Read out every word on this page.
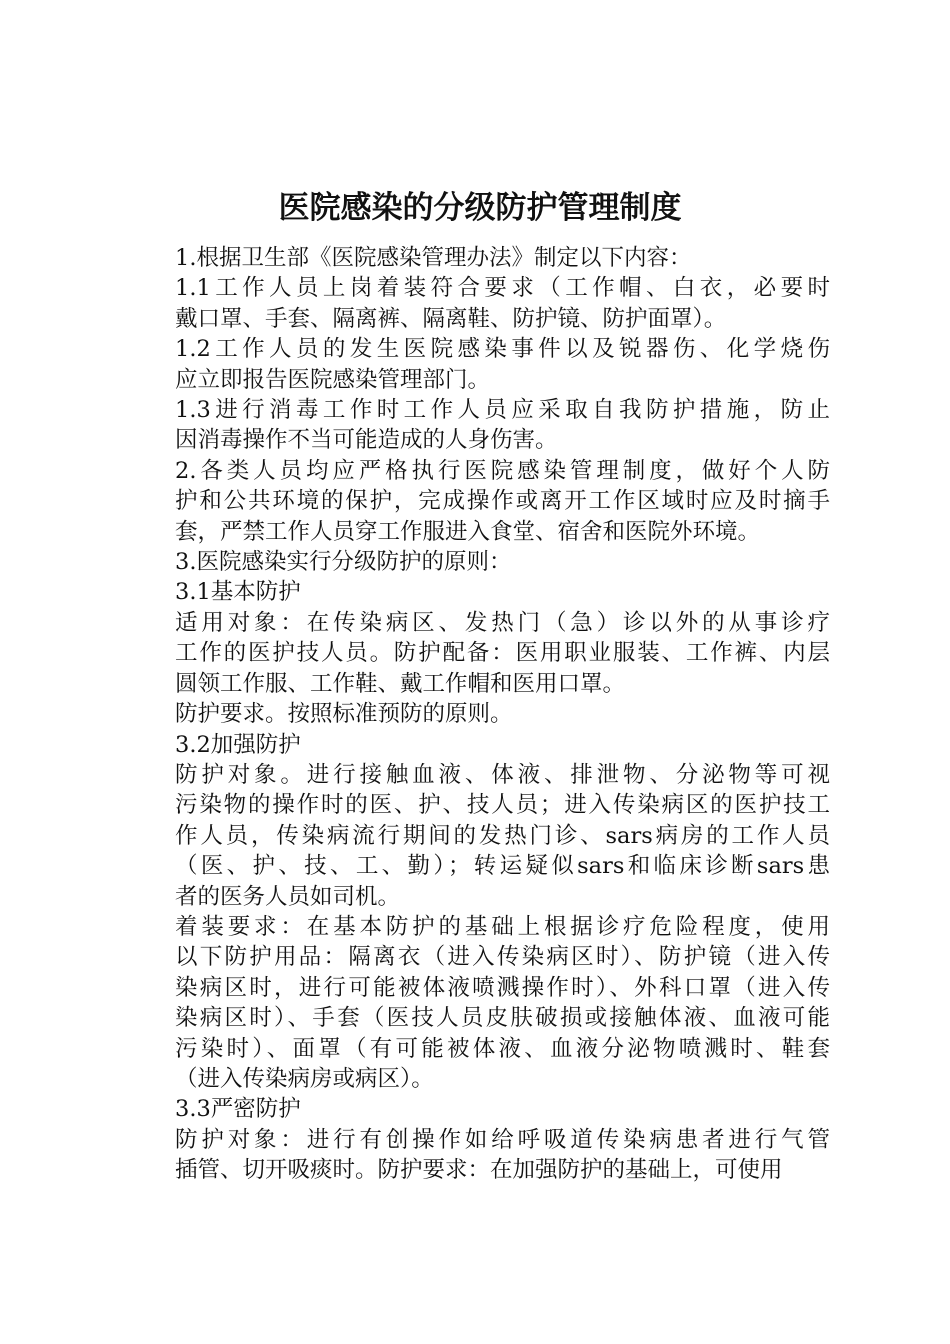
医院感染的分级防护管理制度

1.根据卫生部《医院感染管理办法》制定以下内容：

1.1工作人员上岗着装符合要求（工作帽、白衣，必要时
戴口罩、手套、隔离裤、隔离鞋、防护镜、防护面罩）。

1.2工作人员的发生医院感染事件以及锐器伤、化学烧伤
应立即报告医院感染管理部门。

1.3进行消毒工作时工作人员应采取自我防护措施，防止
因消毒操作不当可能造成的人身伤害。

2.各类人员均应严格执行医院感染管理制度，做好个人防
护和公共环境的保护，完成操作或离开工作区域时应及时摘手
套，严禁工作人员穿工作服进入食堂、宿舍和医院外环境。

3.医院感染实行分级防护的原则：

3.1基本防护

适用对象：在传染病区、发热门（急）诊以外的从事诊疗
工作的医护技人员。防护配备：医用职业服装、工作裤、内层
圆领工作服、工作鞋、戴工作帽和医用口罩。

防护要求。按照标准预防的原则。

3.2加强防护

防护对象。进行接触血液、体液、排泄物、分泌物等可视
污染物的操作时的医、护、技人员；进入传染病区的医护技工
作人员，传染病流行期间的发热门诊、sars病房的工作人员
（医、护、技、工、勤）；转运疑似sars和临床诊断sars患
者的医务人员如司机。

着装要求：在基本防护的基础上根据诊疗危险程度，使用
以下防护用品：隔离衣（进入传染病区时）、防护镜（进入传
染病区时，进行可能被体液喷溅操作时）、外科口罩（进入传
染病区时）、手套（医技人员皮肤破损或接触体液、血液可能
污染时）、面罩（有可能被体液、血液分泌物喷溅时、鞋套
（进入传染病房或病区）。

3.3严密防护

防护对象：进行有创操作如给呼吸道传染病患者进行气管
插管、切开吸痰时。防护要求：在加强防护的基础上，可使用
